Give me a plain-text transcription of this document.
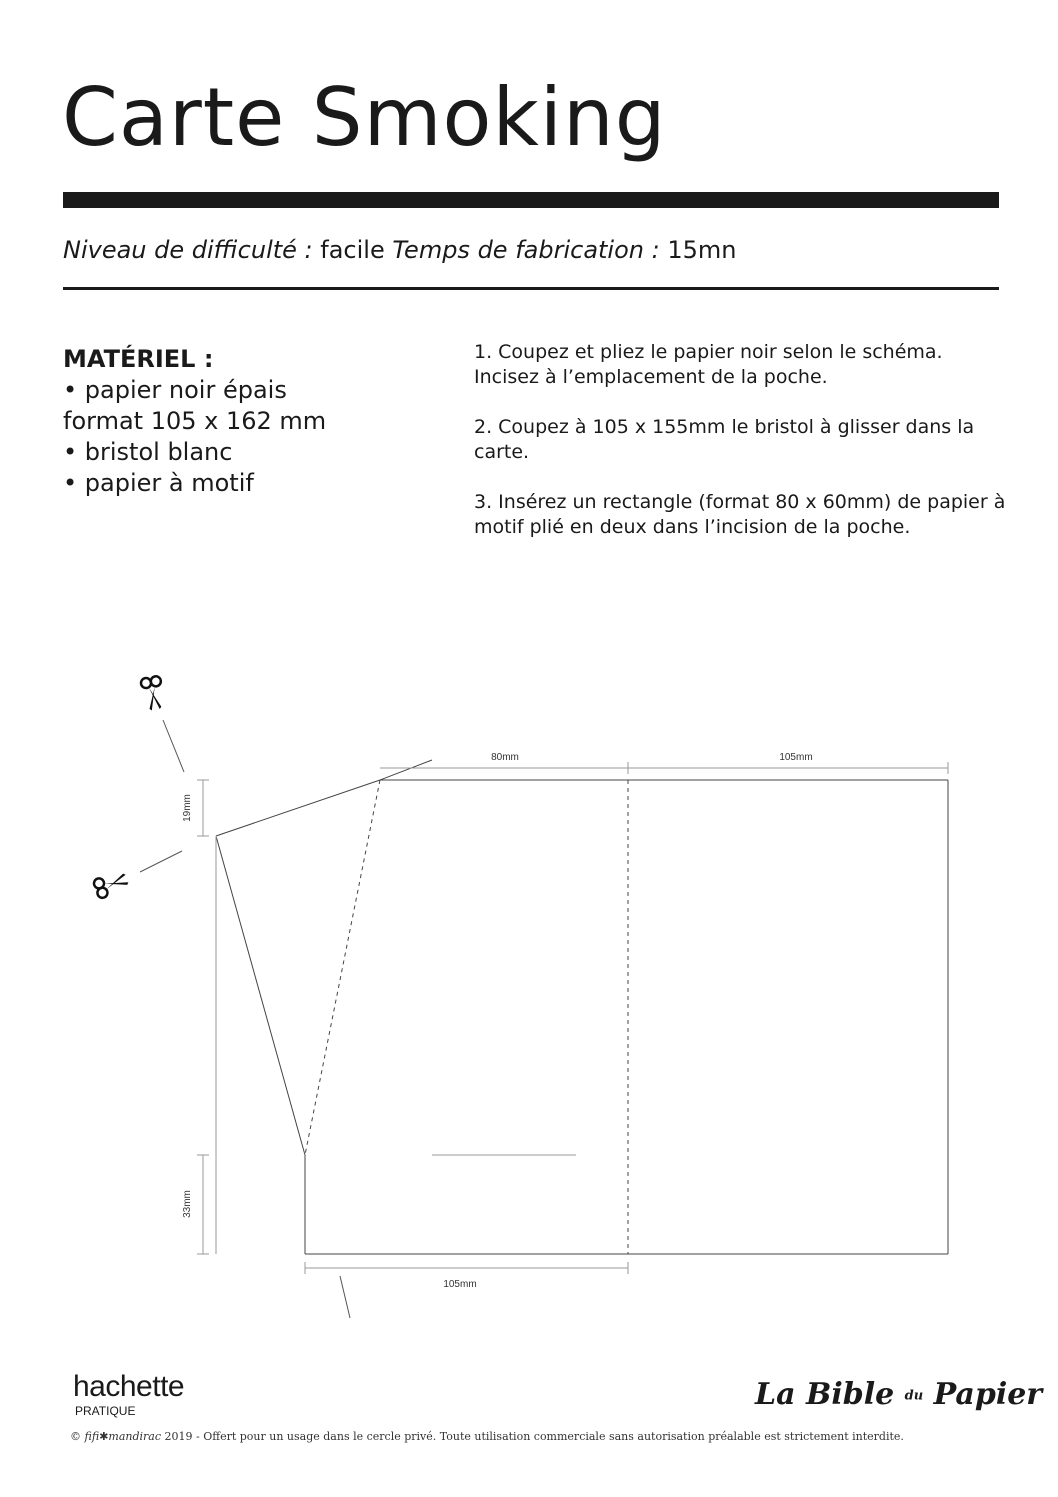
Carte Smoking
Niveau de difficulté : facile Temps de fabrication : 15mn
MATÉRIEL :
• papier noir épais
format 105 x 162 mm
• bristol blanc
• papier à motif

1. Coupez et pliez le papier noir selon le schéma. Incisez à l’emplacement de la poche.

2. Coupez à 105 x 155mm le bristol à glisser dans la carte.

3. Insérez un rectangle (format 80 x 60mm) de papier à motif plié en deux dans l’incision de la poche.

80mm	105mm
19mm
33mm
105mm
hachette
PRATIQUE	La Bible du Papier
© fifi✱mandirac 2019 - Offert pour un usage dans le cercle privé. Toute utilisation commerciale sans autorisation préalable est strictement interdite.
